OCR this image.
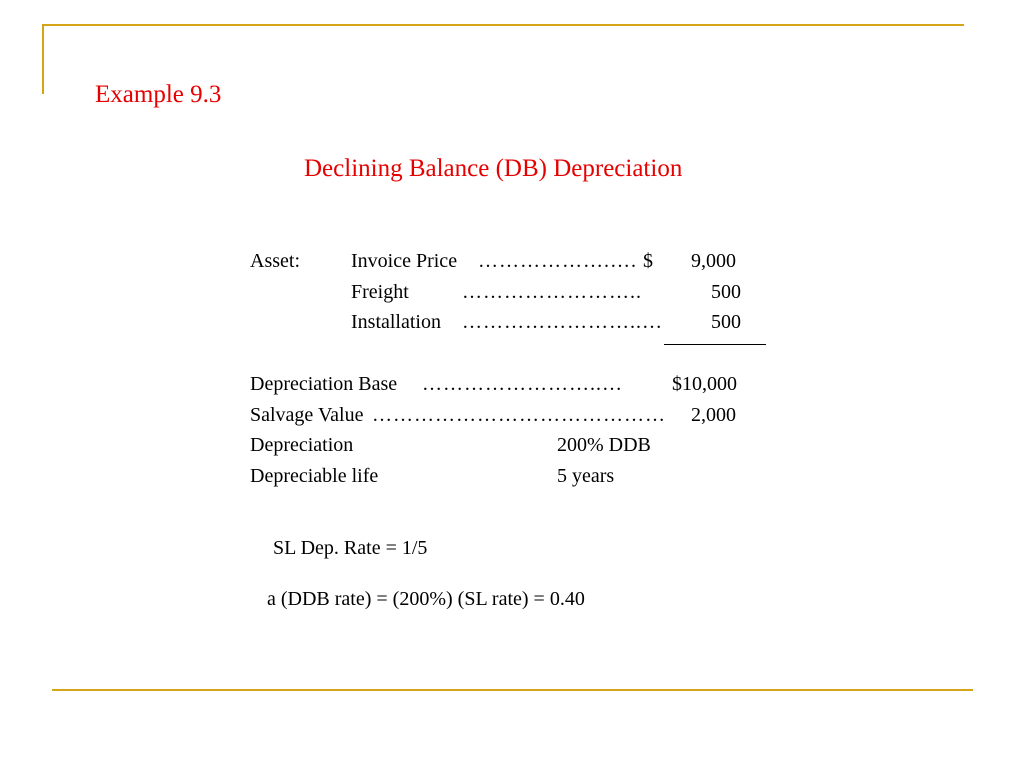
Example 9.3
Declining Balance (DB) Depreciation
Asset:	Invoice Price ……………….…. $ 9,000
Freight	……………………..	500
Installation ……………………..… 500
Depreciation Base ……………………..… $10,000
Salvage Value …………………………………… 2,000
Depreciation	200% DDB
Depreciable life	5 years
SL Dep. Rate = 1/5
a (DDB rate) = (200%) (SL rate) = 0.40
